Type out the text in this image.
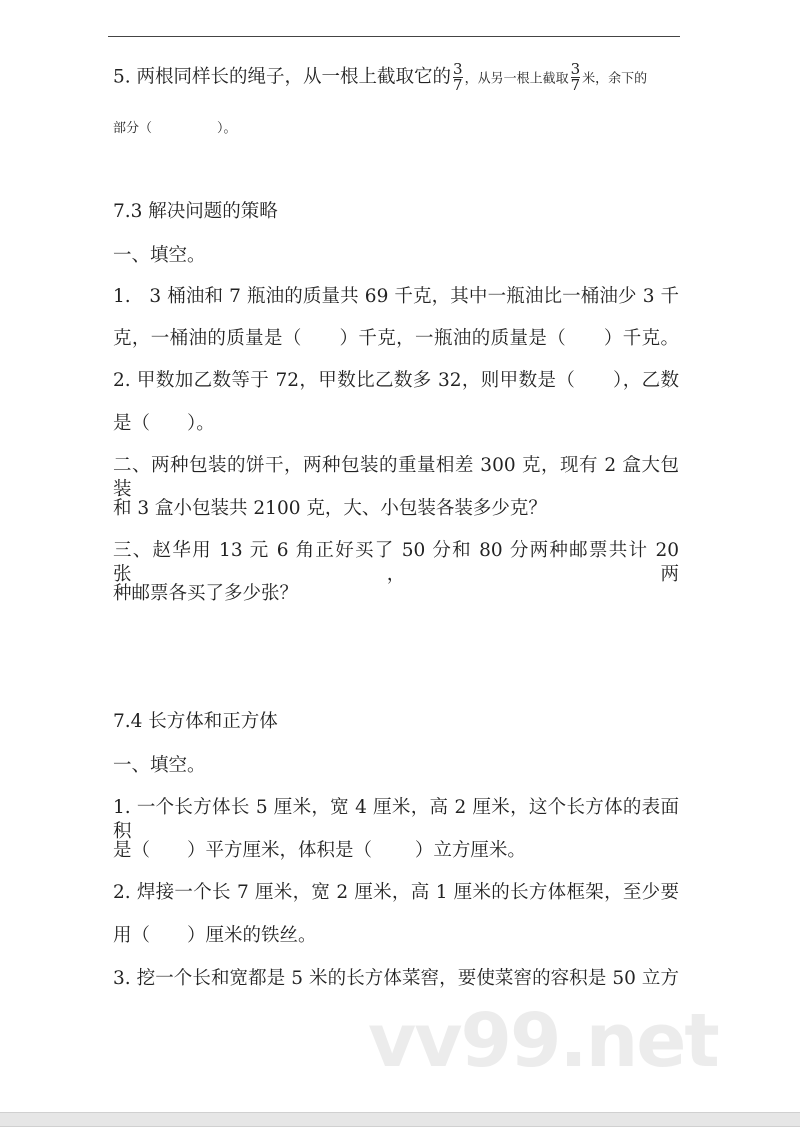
5. 两根同样长的绳子，从一根上截取它的 $\frac{3}{7}$ ，从另一根上截取 $\frac{3}{7}$ 米，余下的
部分（　　　　　）。
7.3 解决问题的策略
一、填空。
1.　3 桶油和 7 瓶油的质量共 69 千克，其中一瓶油比一桶油少 3 千
克，一桶油的质量是（　　）千克，一瓶油的质量是（　　）千克。
2. 甲数加乙数等于 72，甲数比乙数多 32，则甲数是（　　），乙数
是（　　）。
二、两种包装的饼干，两种包装的重量相差 300 克，现有 2 盒大包装
和 3 盒小包装共 2100 克，大、小包装各装多少克？
三、赵华用 13 元 6 角正好买了 50 分和 80 分两种邮票共计 20 张，两
种邮票各买了多少张？
7.4 长方体和正方体
一、填空。
1. 一个长方体长 5 厘米，宽 4 厘米，高 2 厘米，这个长方体的表面积
是（　　）平方厘米，体积是（　　 ）立方厘米。
2. 焊接一个长 7 厘米，宽 2 厘米，高 1 厘米的长方体框架，至少要
用（　　）厘米的铁丝。
3. 挖一个长和宽都是 5 米的长方体菜窖，要使菜窖的容积是 50 立方
vv99.net
